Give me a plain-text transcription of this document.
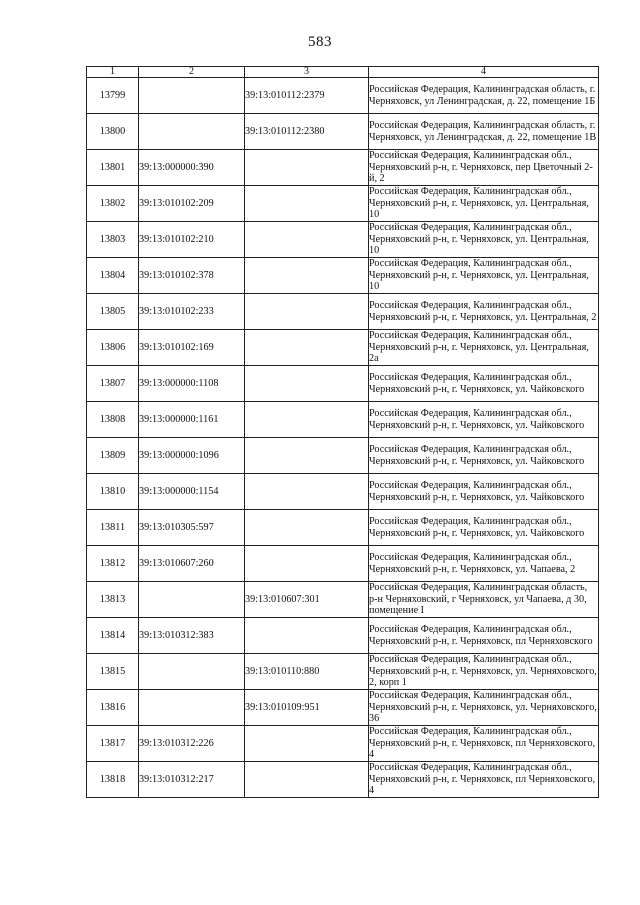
583
1	2	3	4
13799		39:13:010112:2379	Российская Федерация, Калининградская область, г. Черняховск, ул Ленинградская, д. 22, помещение 1Б
13800		39:13:010112:2380	Российская Федерация, Калининградская область, г. Черняховск, ул Ленинградская, д. 22, помещение 1В
13801	39:13:000000:390		Российская Федерация, Калининградская обл., Черняховский р-н, г. Черняховск, пер Цветочный 2-й, 2
13802	39:13:010102:209		Российская Федерация, Калининградская обл., Черняховский р-н, г. Черняховск, ул. Центральная, 10
13803	39:13:010102:210		Российская Федерация, Калининградская обл., Черняховский р-н, г. Черняховск, ул. Центральная, 10
13804	39:13:010102:378		Российская Федерация, Калининградская обл., Черняховский р-н, г. Черняховск, ул. Центральная, 10
13805	39:13:010102:233		Российская Федерация, Калининградская обл., Черняховский р-н, г. Черняховск, ул. Центральная, 2
13806	39:13:010102:169		Российская Федерация, Калининградская обл., Черняховский р-н, г. Черняховск, ул. Центральная, 2а
13807	39:13:000000:1108		Российская Федерация, Калининградская обл., Черняховский р-н, г. Черняховск, ул. Чайковского
13808	39:13:000000:1161		Российская Федерация, Калининградская обл., Черняховский р-н, г. Черняховск, ул. Чайковского
13809	39:13:000000:1096		Российская Федерация, Калининградская обл., Черняховский р-н, г. Черняховск, ул. Чайковского
13810	39:13:000000:1154		Российская Федерация, Калининградская обл., Черняховский р-н, г. Черняховск, ул. Чайковского
13811	39:13:010305:597		Российская Федерация, Калининградская обл., Черняховский р-н, г. Черняховск, ул. Чайковского
13812	39:13:010607:260		Российская Федерация, Калининградская обл., Черняховский р-н, г. Черняховск, ул. Чапаева, 2
13813		39:13:010607:301	Российская Федерация, Калининградская область, р-н Черняховский, г Черняховск, ул Чапаева, д 30, помещение I
13814	39:13:010312:383		Российская Федерация, Калининградская обл., Черняховский р-н, г. Черняховск, пл Черняховского
13815		39:13:010110:880	Российская Федерация, Калининградская обл., Черняховский р-н, г. Черняховск, ул. Черняховского, 2, корп 1
13816		39:13:010109:951	Российская Федерация, Калининградская обл., Черняховский р-н, г. Черняховск, ул. Черняховского, 36
13817	39:13:010312:226		Российская Федерация, Калининградская обл., Черняховский р-н, г. Черняховск, пл Черняховского, 4
13818	39:13:010312:217		Российская Федерация, Калининградская обл., Черняховский р-н, г. Черняховск, пл Черняховского, 4
